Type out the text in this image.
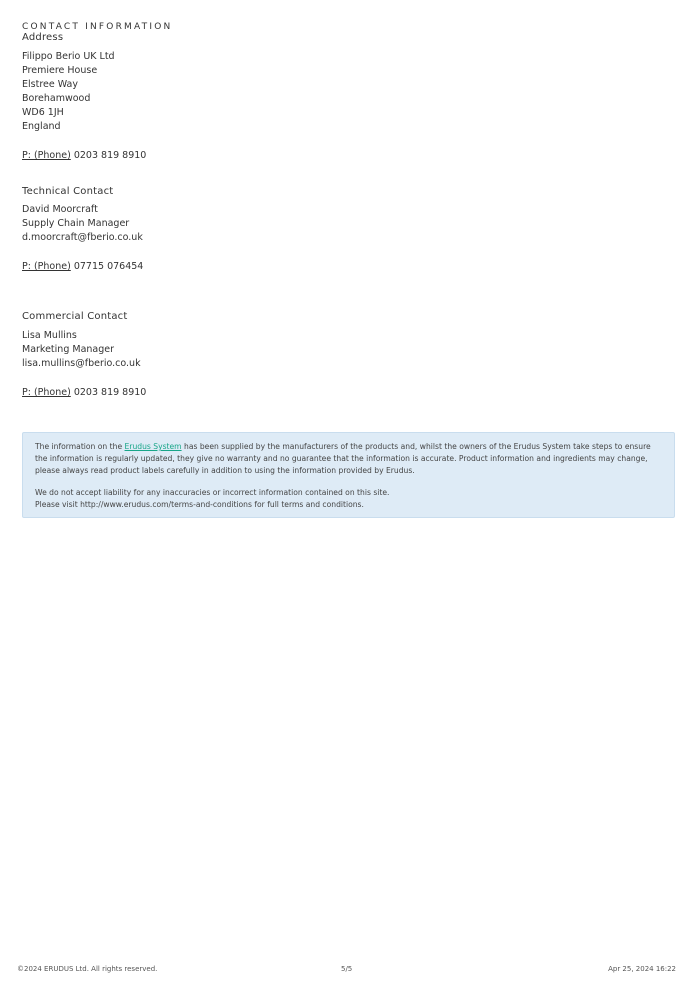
CONTACT INFORMATION
Address
Filippo Berio UK Ltd
Premiere House
Elstree Way
Borehamwood
WD6 1JH
England
P: (Phone) 0203 819 8910
Technical Contact
David Moorcraft
Supply Chain Manager
d.moorcraft@fberio.co.uk
P: (Phone) 07715 076454
Commercial Contact
Lisa Mullins
Marketing Manager
lisa.mullins@fberio.co.uk
P: (Phone) 0203 819 8910

The information on the Erudus System has been supplied by the manufacturers of the products and, whilst the owners of the Erudus System take steps to ensure the information is regularly updated, they give no warranty and no guarantee that the information is accurate. Product information and ingredients may change, please always read product labels carefully in addition to using the information provided by Erudus.

We do not accept liability for any inaccuracies or incorrect information contained on this site.
Please visit http://www.erudus.com/terms-and-conditions for full terms and conditions.

©2024 ERUDUS Ltd. All rights reserved.	5/5	Apr 25, 2024 16:22
